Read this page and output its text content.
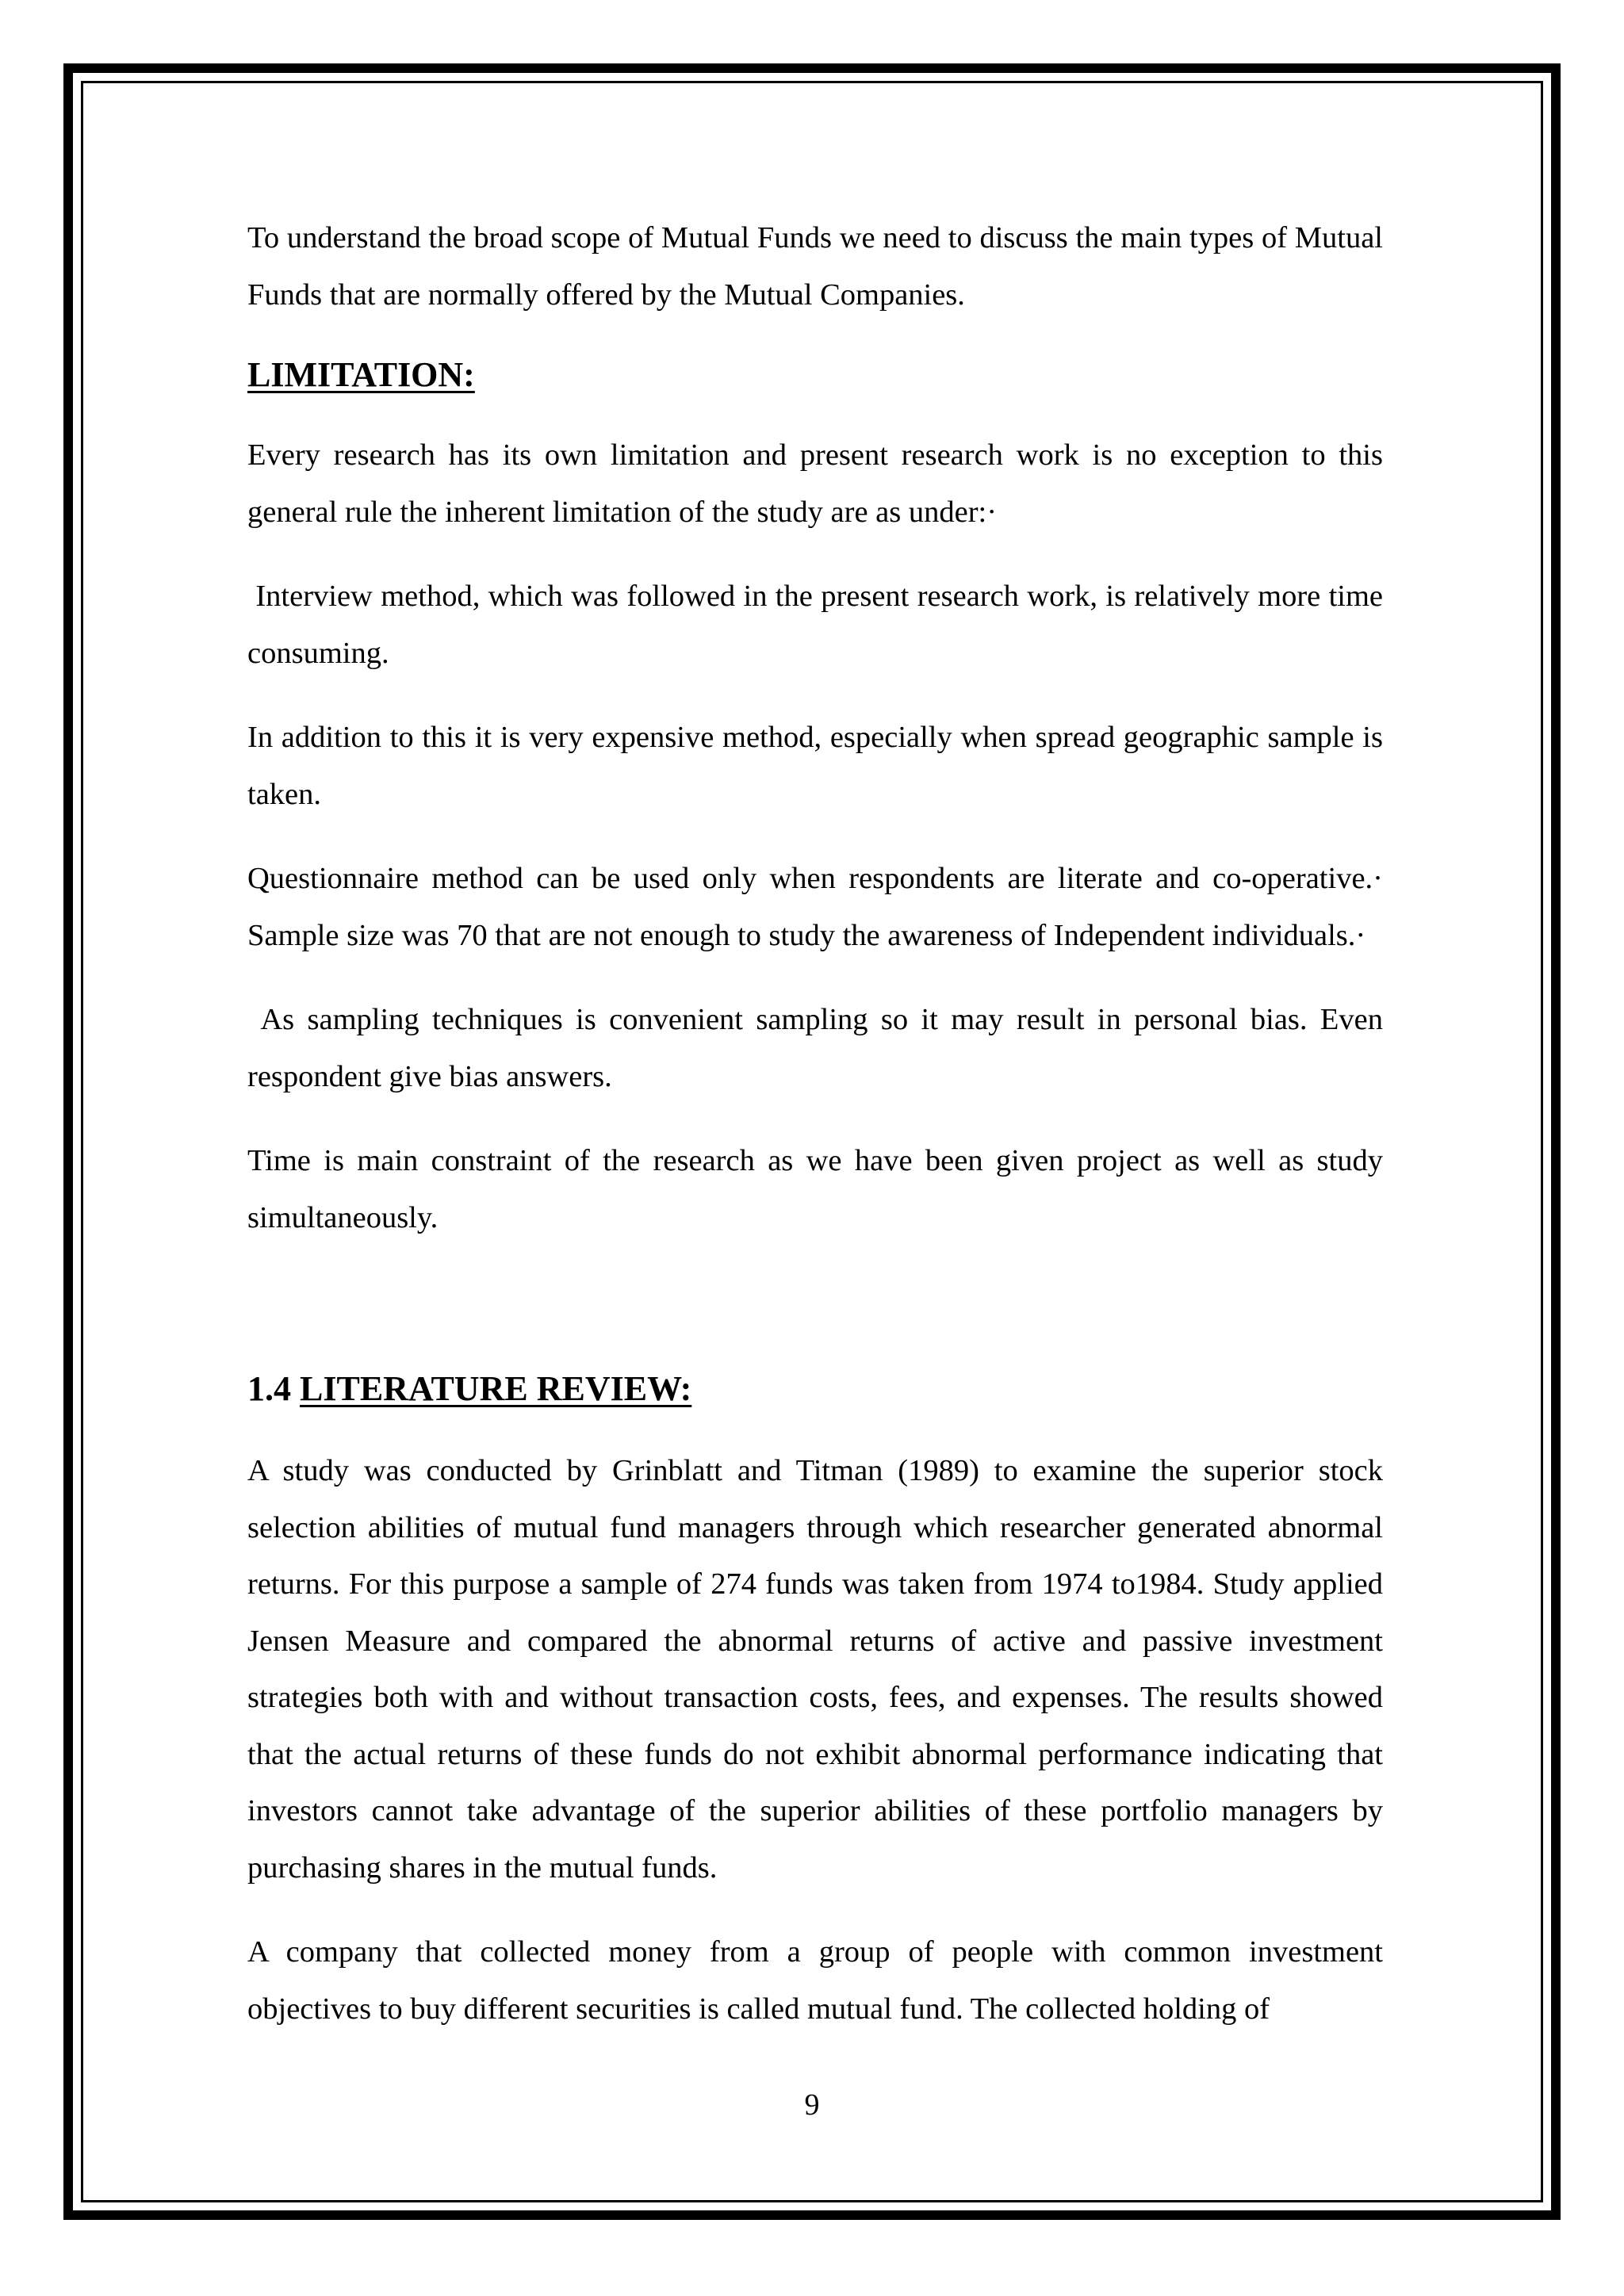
To understand the broad scope of Mutual Funds we need to discuss the main types of Mutual Funds that are normally offered by the Mutual Companies.

LIMITATION:

Every research has its own limitation and present research work is no exception to this general rule the inherent limitation of the study are as under:·

Interview method, which was followed in the present research work, is relatively more time consuming.

In addition to this it is very expensive method, especially when spread geographic sample is taken.

Questionnaire method can be used only when respondents are literate and co-operative.· Sample size was 70 that are not enough to study the awareness of Independent individuals.·

As sampling techniques is convenient sampling so it may result in personal bias. Even respondent give bias answers.

Time is main constraint of the research as we have been given project as well as study simultaneously.

1.4 LITERATURE REVIEW:

A study was conducted by Grinblatt and Titman (1989) to examine the superior stock selection abilities of mutual fund managers through which researcher generated abnormal returns. For this purpose a sample of 274 funds was taken from 1974 to1984. Study applied Jensen Measure and compared the abnormal returns of active and passive investment strategies both with and without transaction costs, fees, and expenses. The results showed that the actual returns of these funds do not exhibit abnormal performance indicating that investors cannot take advantage of the superior abilities of these portfolio managers by purchasing shares in the mutual funds.

A company that collected money from a group of people with common investment objectives to buy different securities is called mutual fund. The collected holding of

9
